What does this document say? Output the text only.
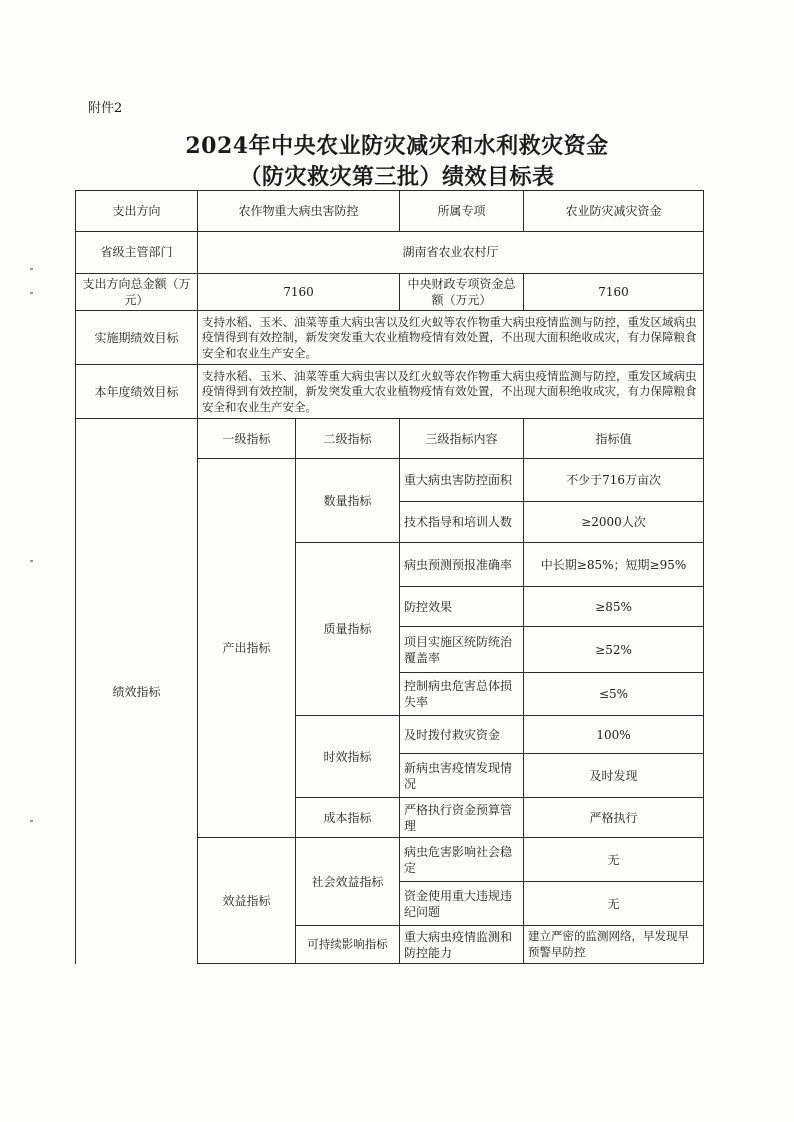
附件2
2024年中央农业防灾减灾和水利救灾资金
（防灾救灾第三批）绩效目标表
支出方向	农作物重大病虫害防控		所属专项	农业防灾减灾资金
省级主管部门	湖南省农业农村厅			
支出方向总金额（万元）	7160		中央财政专项资金总额（万元）	7160
实施期绩效目标	支持水稻、玉米、油菜等重大病虫害以及红火蚁等农作物重大病虫疫情监测与防控，重发区域病虫疫情得到有效控制，新发突发重大农业植物疫情有效处置，不出现大面积绝收成灾，有力保障粮食安全和农业生产安全。			
本年度绩效目标	支持水稻、玉米、油菜等重大病虫害以及红火蚁等农作物重大病虫疫情监测与防控，重发区域病虫疫情得到有效控制，新发突发重大农业植物疫情有效处置，不出现大面积绝收成灾，有力保障粮食安全和农业生产安全。			
绩效指标	一级指标	二级指标	三级指标内容	指标值
	产出指标	数量指标	重大病虫害防控面积	不少于716万亩次
			技术指导和培训人数	≥2000人次
		质量指标	病虫预测预报准确率	中长期≥85%；短期≥95%
			防控效果	≥85%
			项目实施区统防统治覆盖率	≥52%
			控制病虫危害总体损失率	≤5%
		时效指标	及时拨付救灾资金	100%
			新病虫害疫情发现情况	及时发现
		成本指标	严格执行资金预算管理	严格执行
	效益指标	社会效益指标	病虫危害影响社会稳定	无
			资金使用重大违规违纪问题	无
		可持续影响指标	重大病虫疫情监测和防控能力	建立严密的监测网络，早发现早预警早防控
